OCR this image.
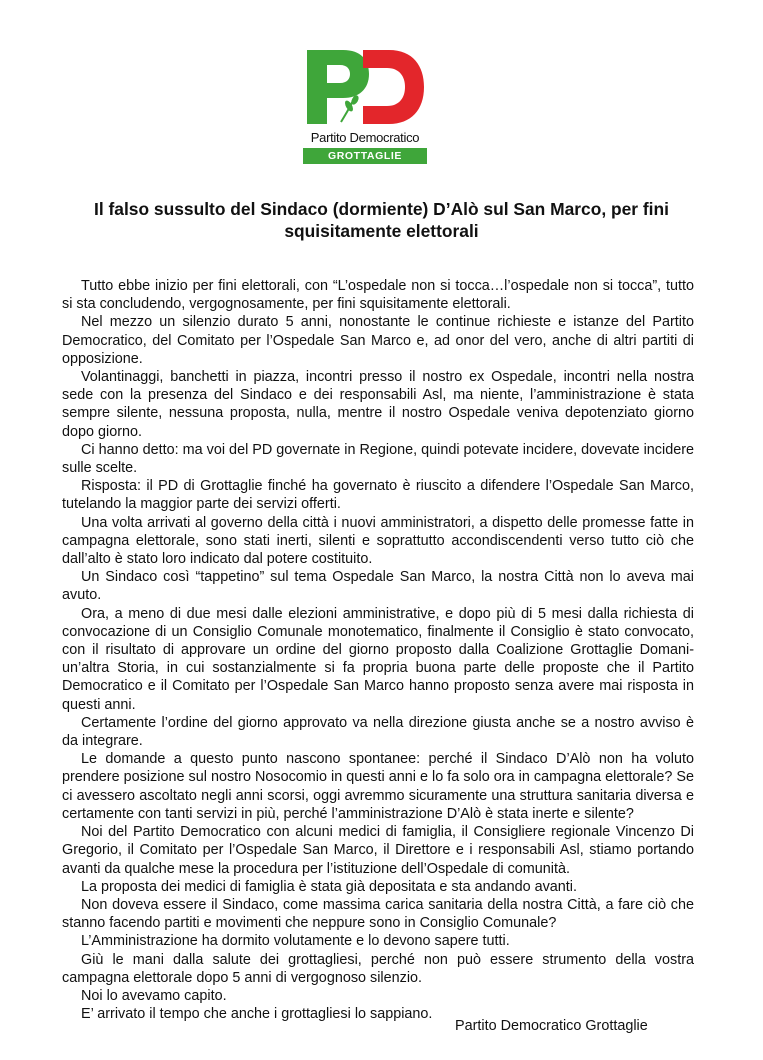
Partito Democratico
GROTTAGLIE
Il falso sussulto del Sindaco (dormiente) D’Alò sul San Marco, per fini squisitamente elettorali

Tutto ebbe inizio per fini elettorali, con “L’ospedale non si tocca…l’ospedale non si tocca”, tutto si sta concludendo, vergognosamente, per fini squisitamente elettorali.

Nel mezzo un silenzio durato 5 anni, nonostante le continue richieste e istanze del Partito Democratico, del Comitato per l’Ospedale San Marco e, ad onor del vero, anche di altri partiti di opposizione.

Volantinaggi, banchetti in piazza, incontri presso il nostro ex Ospedale, incontri nella nostra sede con la presenza del Sindaco e dei responsabili Asl, ma niente, l’amministrazione è stata sempre silente, nessuna proposta, nulla, mentre il nostro Ospedale veniva depotenziato giorno dopo giorno.

Ci hanno detto: ma voi del PD governate in Regione, quindi potevate incidere, dovevate incidere sulle scelte.

Risposta: il PD di Grottaglie finché ha governato è riuscito a difendere l’Ospedale San Marco, tutelando la maggior parte dei servizi offerti.

Una volta arrivati al governo della città i nuovi amministratori, a dispetto delle promesse fatte in campagna elettorale, sono stati inerti, silenti e soprattutto accondiscendenti verso tutto ciò che dall’alto è stato loro indicato dal potere costituito.

Un Sindaco così “tappetino” sul tema Ospedale San Marco, la nostra Città non lo aveva mai avuto.

Ora, a meno di due mesi dalle elezioni amministrative, e dopo più di 5 mesi dalla richiesta di convocazione di un Consiglio Comunale monotematico, finalmente il Consiglio è stato convocato, con il risultato di approvare un ordine del giorno proposto dalla Coalizione Grottaglie Domani-un’altra Storia, in cui sostanzialmente si fa propria buona parte delle proposte che il Partito Democratico e il Comitato per l’Ospedale San Marco hanno proposto senza avere mai risposta in questi anni.

Certamente l’ordine del giorno approvato va nella direzione giusta anche se a nostro avviso è da integrare.

Le domande a questo punto nascono spontanee: perché il Sindaco D’Alò non ha voluto prendere posizione sul nostro Nosocomio in questi anni e lo fa solo ora in campagna elettorale? Se ci avessero ascoltato negli anni scorsi, oggi avremmo sicuramente una struttura sanitaria diversa e certamente con tanti servizi in più, perché l’amministrazione D’Alò è stata inerte e silente?

Noi del Partito Democratico con alcuni medici di famiglia, il Consigliere regionale Vincenzo Di Gregorio, il Comitato per l’Ospedale San Marco, il Direttore e i responsabili Asl, stiamo portando avanti da qualche mese la procedura per l’istituzione dell’Ospedale di comunità.

La proposta dei medici di famiglia è stata già depositata e sta andando avanti.

Non doveva essere il Sindaco, come massima carica sanitaria della nostra Città, a fare ciò che stanno facendo partiti e movimenti che neppure sono in Consiglio Comunale?

L’Amministrazione ha dormito volutamente e lo devono sapere tutti.

Giù le mani dalla salute dei grottagliesi, perché non può essere strumento della vostra campagna elettorale dopo 5 anni di vergognoso silenzio.

Noi lo avevamo capito.

E’ arrivato il tempo che anche i grottagliesi lo sappiano.

Partito Democratico Grottaglie
